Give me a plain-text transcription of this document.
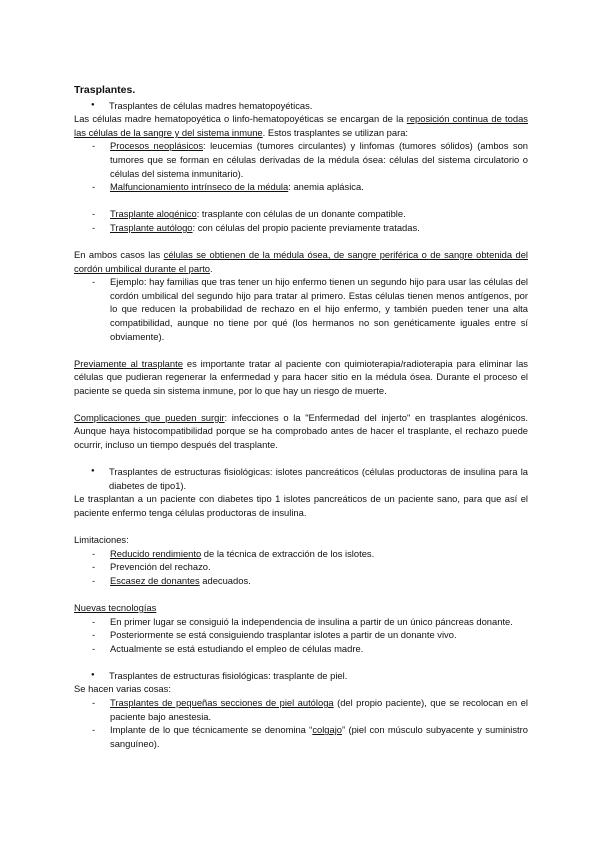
Trasplantes.
● Trasplantes de células madres hematopoyéticas.

Las células madre hematopoyética o linfo-hematopoyéticas se encargan de la reposición continua de todas las células de la sangre y del sistema inmune. Estos trasplantes se utilizan para:

- Procesos neoplásicos: leucemias (tumores circulantes) y linfomas (tumores sólidos) (ambos son tumores que se forman en células derivadas de la médula ósea: células del sistema circulatorio o células del sistema inmunitario).
- Malfuncionamiento intrínseco de la médula: anemia aplásica.
- Trasplante alogénico: trasplante con células de un donante compatible.
- Trasplante autólogo: con células del propio paciente previamente tratadas.

En ambos casos las células se obtienen de la médula ósea, de sangre periférica o de sangre obtenida del cordón umbilical durante el parto.

- Ejemplo: hay familias que tras tener un hijo enfermo tienen un segundo hijo para usar las células del cordón umbilical del segundo hijo para tratar al primero. Estas células tienen menos antígenos, por lo que reducen la probabilidad de rechazo en el hijo enfermo, y también pueden tener una alta compatibilidad, aunque no tiene por qué (los hermanos no son genéticamente iguales entre sí obviamente).

Previamente al trasplante es importante tratar al paciente con quimioterapia/radioterapia para eliminar las células que pudieran regenerar la enfermedad y para hacer sitio en la médula ósea. Durante el proceso el paciente se queda sin sistema inmune, por lo que hay un riesgo de muerte.

Complicaciones que pueden surgir: infecciones o la "Enfermedad del injerto" en trasplantes alogénicos. Aunque haya histocompatibilidad porque se ha comprobado antes de hacer el trasplante, el rechazo puede ocurrir, incluso un tiempo después del trasplante.

● Trasplantes de estructuras fisiológicas: islotes pancreáticos (células productoras de insulina para la diabetes de tipo1).

Le trasplantan a un paciente con diabetes tipo 1 islotes pancreáticos de un paciente sano, para que así el paciente enfermo tenga células productoras de insulina.

Limitaciones:

- Reducido rendimiento de la técnica de extracción de los islotes.
- Prevención del rechazo.
- Escasez de donantes adecuados.

Nuevas tecnologías

- En primer lugar se consiguió la independencia de insulina a partir de un único páncreas donante.
- Posteriormente se está consiguiendo trasplantar islotes a partir de un donante vivo.
- Actualmente se está estudiando el empleo de células madre.
● Trasplantes de estructuras fisiológicas: trasplante de piel.

Se hacen varias cosas:

- Trasplantes de pequeñas secciones de piel autóloga (del propio paciente), que se recolocan en el paciente bajo anestesia.
- Implante de lo que técnicamente se denomina “colgajo” (piel con músculo subyacente y suministro sanguíneo).
